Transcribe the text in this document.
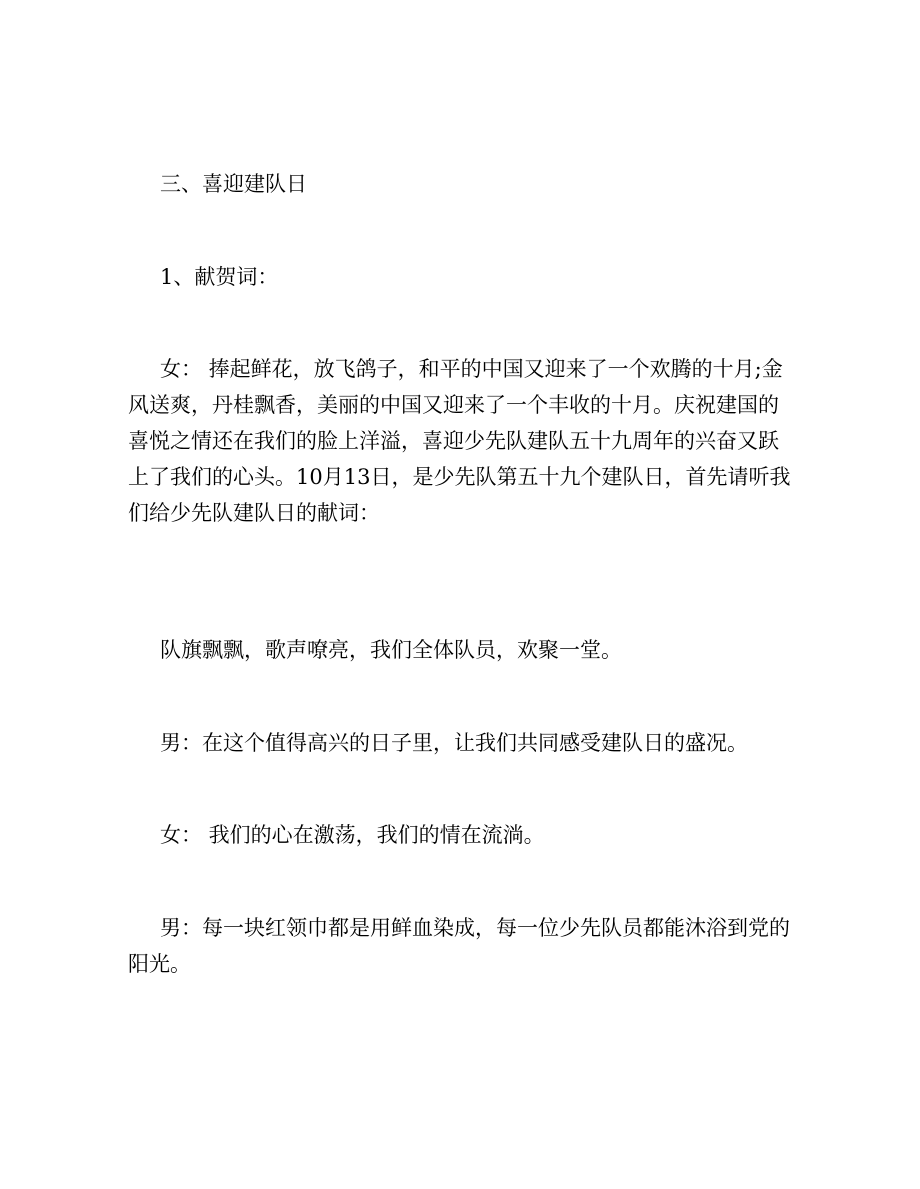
三、喜迎建队日

1、献贺词：

女： 捧起鲜花，放飞鸽子，和平的中国又迎来了一个欢腾的十月;金风送爽，丹桂飘香，美丽的中国又迎来了一个丰收的十月。庆祝建国的喜悦之情还在我们的脸上洋溢，喜迎少先队建队五十九周年的兴奋又跃上了我们的心头。10月13日，是少先队第五十九个建队日，首先请听我们给少先队建队日的献词：

队旗飘飘，歌声嘹亮，我们全体队员，欢聚一堂。

男：在这个值得高兴的日子里，让我们共同感受建队日的盛况。

女： 我们的心在激荡，我们的情在流淌。

男：每一块红领巾都是用鲜血染成，每一位少先队员都能沐浴到党的阳光。
